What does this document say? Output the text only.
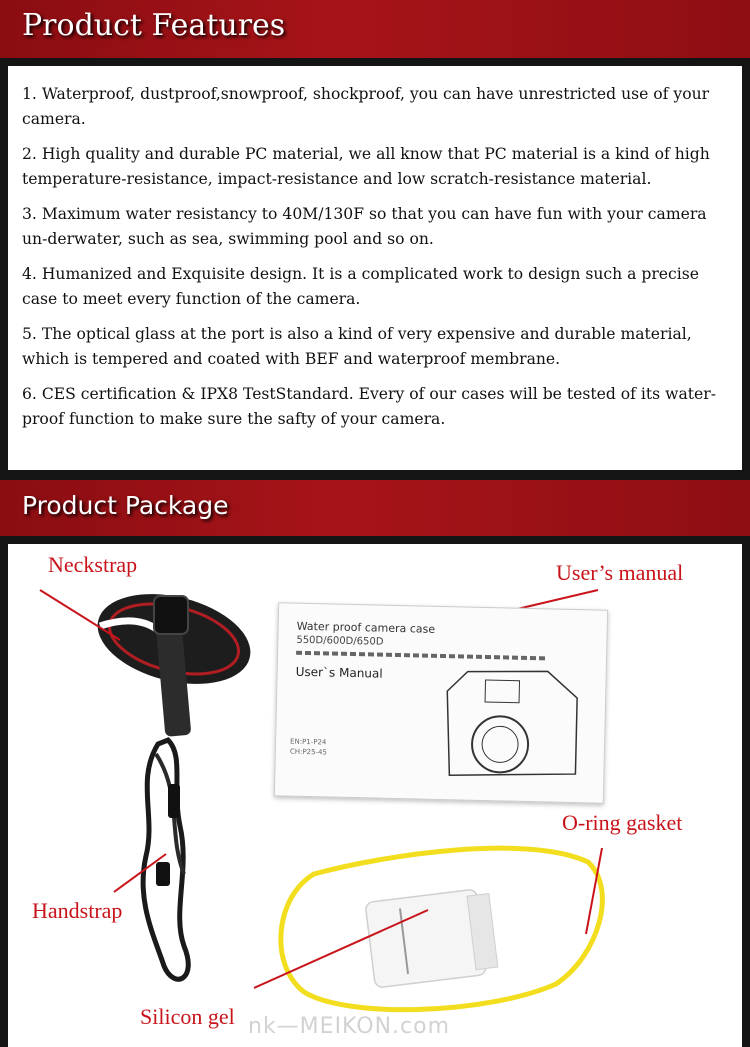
Product Features
1. Waterproof, dustproof,snowproof, shockproof, you can have unrestricted use of your camera.
2. High quality and durable PC material, we all know that PC material is a kind of high temperature-resistance, impact-resistance and low scratch-resistance material.
3. Maximum water resistancy to 40M/130F so that you can have fun with your camera un-derwater, such as sea, swimming pool and so on.
4. Humanized and Exquisite design. It is a complicated work to design such a precise case to meet every function of the camera.
5. The optical glass at the port is also a kind of very expensive and durable material, which is tempered and coated with BEF and waterproof membrane.
6. CES certification & IPX8 TestStandard. Every of our cases will be tested of its water-proof function to make sure the safty of your camera.
Product Package
Water proof camera case
550D/600D/650D
User`s Manual
EN:P1-P24
CH:P25-45
Neckstrap	User’s manual
O-ring gasket
Handstrap
Silicon gel nk—MEIKON.com
